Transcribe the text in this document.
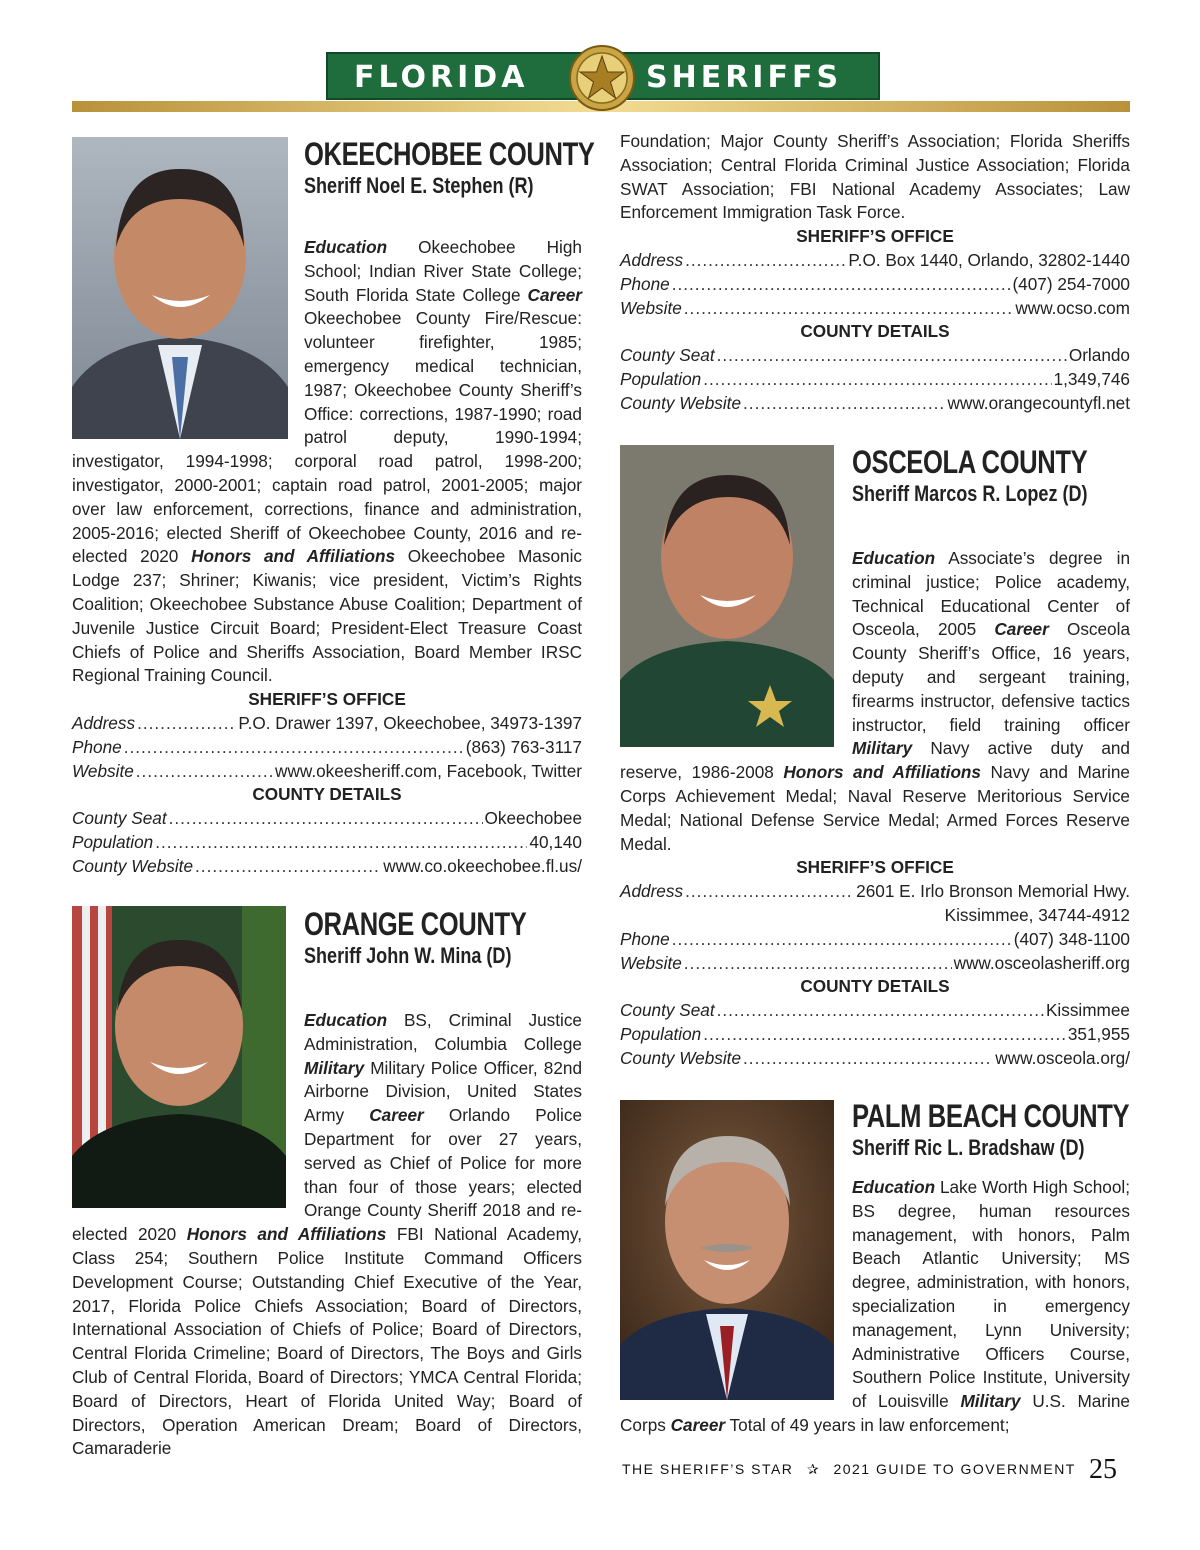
FLORIDA	SHERIFFS
OKEECHOBEE COUNTY
Sheriff Noel E. Stephen (R)

Education Okeechobee High School; Indian River State College; South Florida State College Career Okeechobee County Fire/Rescue: volunteer firefighter, 1985; emergency medical technician, 1987; Okeechobee County Sheriff’s Office: corrections, 1987-1990; road patrol deputy, 1990-1994; investigator, 1994-1998; corporal road patrol, 1998-200; investigator, 2000-2001; captain road patrol, 2001-2005; major over law enforcement, corrections, finance and administration, 2005-2016; elected Sheriff of Okeechobee County, 2016 and re-elected 2020 Honors and Affiliations Okeechobee Masonic Lodge 237; Shriner; Kiwanis; vice president, Victim’s Rights Coalition; Okeechobee Substance Abuse Coalition; Department of Juvenile Justice Circuit Board; President-Elect Treasure Coast Chiefs of Police and Sheriffs Association, Board Member IRSC Regional Training Council.

SHERIFF’S OFFICE

Address .....	P.O. Drawer 1397, Okeechobee, 34973-1397
Phone .....	(863) 763-3117
Website .....	www.okeesheriff.com, Facebook, Twitter

COUNTY DETAILS

County Seat .....	Okeechobee
Population .....	40,140
County Website .....	www.co.okeechobee.fl.us/
ORANGE COUNTY
Sheriff John W. Mina (D)

Education BS, Criminal Justice Administration, Columbia College Military Military Police Officer, 82nd Airborne Division, United States Army Career Orlando Police Department for over 27 years, served as Chief of Police for more than four of those years; elected Orange County Sheriff 2018 and re-elected 2020 Honors and Affiliations FBI National Academy, Class 254; Southern Police Institute Command Officers Development Course; Outstanding Chief Executive of the Year, 2017, Florida Police Chiefs Association; Board of Directors, International Association of Chiefs of Police; Board of Directors, Central Florida Crimeline; Board of Directors, The Boys and Girls Club of Central Florida, Board of Directors; YMCA Central Florida; Board of Directors, Heart of Florida United Way; Board of Directors, Operation American Dream; Board of Directors, Camaraderie

Foundation; Major County Sheriff’s Association; Florida Sheriffs Association; Central Florida Criminal Justice Association; Florida SWAT Association; FBI National Academy Associates; Law Enforcement Immigration Task Force.

SHERIFF’S OFFICE

Address .....	P.O. Box 1440, Orlando, 32802-1440
Phone .....	(407) 254-7000
Website .....	www.ocso.com

COUNTY DETAILS

County Seat .....	Orlando
Population .....	1,349,746
County Website .....	www.orangecountyfl.net
OSCEOLA COUNTY
Sheriff Marcos R. Lopez (D)

Education Associate’s degree in criminal justice; Police academy, Technical Educational Center of Osceola, 2005 Career Osceola County Sheriff’s Office, 16 years, deputy and sergeant training, firearms instructor, defensive tactics instructor, field training officer Military Navy active duty and reserve, 1986-2008 Honors and Affiliations Navy and Marine Corps Achievement Medal; Naval Reserve Meritorious Service Medal; National Defense Service Medal; Armed Forces Reserve Medal.

SHERIFF’S OFFICE

Address .....	2601 E. Irlo Bronson Memorial Hwy.
Kissimmee, 34744-4912
Phone .....	(407) 348-1100
Website .....	www.osceolasheriff.org

COUNTY DETAILS

County Seat .....	Kissimmee
Population .....	351,955
County Website .....	www.osceola.org/
PALM BEACH COUNTY
Sheriff Ric L. Bradshaw (D)

Education Lake Worth High School; BS degree, human resources management, with honors, Palm Beach Atlantic University; MS degree, administration, with honors, specialization in emergency management, Lynn University; Administrative Officers Course, Southern Police Institute, University of Louisville Military U.S. Marine Corps Career Total of 49 years in law enforcement;

THE SHERIFF’S STAR ✰ 2021 GUIDE TO GOVERNMENT 25
